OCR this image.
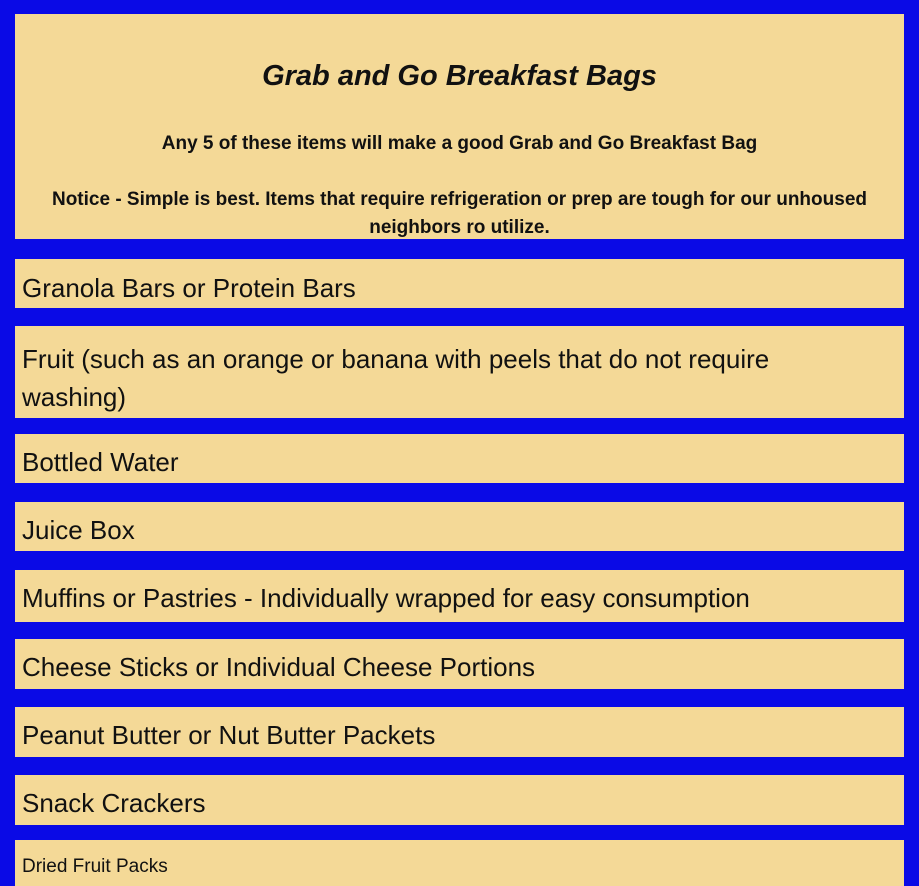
Grab and Go Breakfast Bags

Any 5 of these items will make a good Grab and Go Breakfast Bag

Notice - Simple is best. Items that require refrigeration or prep are tough for our unhoused neighbors ro utilize.

Granola Bars or Protein Bars
Fruit (such as an orange or banana with peels that do not require washing)
Bottled Water
Juice Box
Muffins or Pastries - Individually wrapped for easy consumption
Cheese Sticks or Individual Cheese Portions
Peanut Butter or Nut Butter Packets
Snack Crackers
Dried Fruit Packs
